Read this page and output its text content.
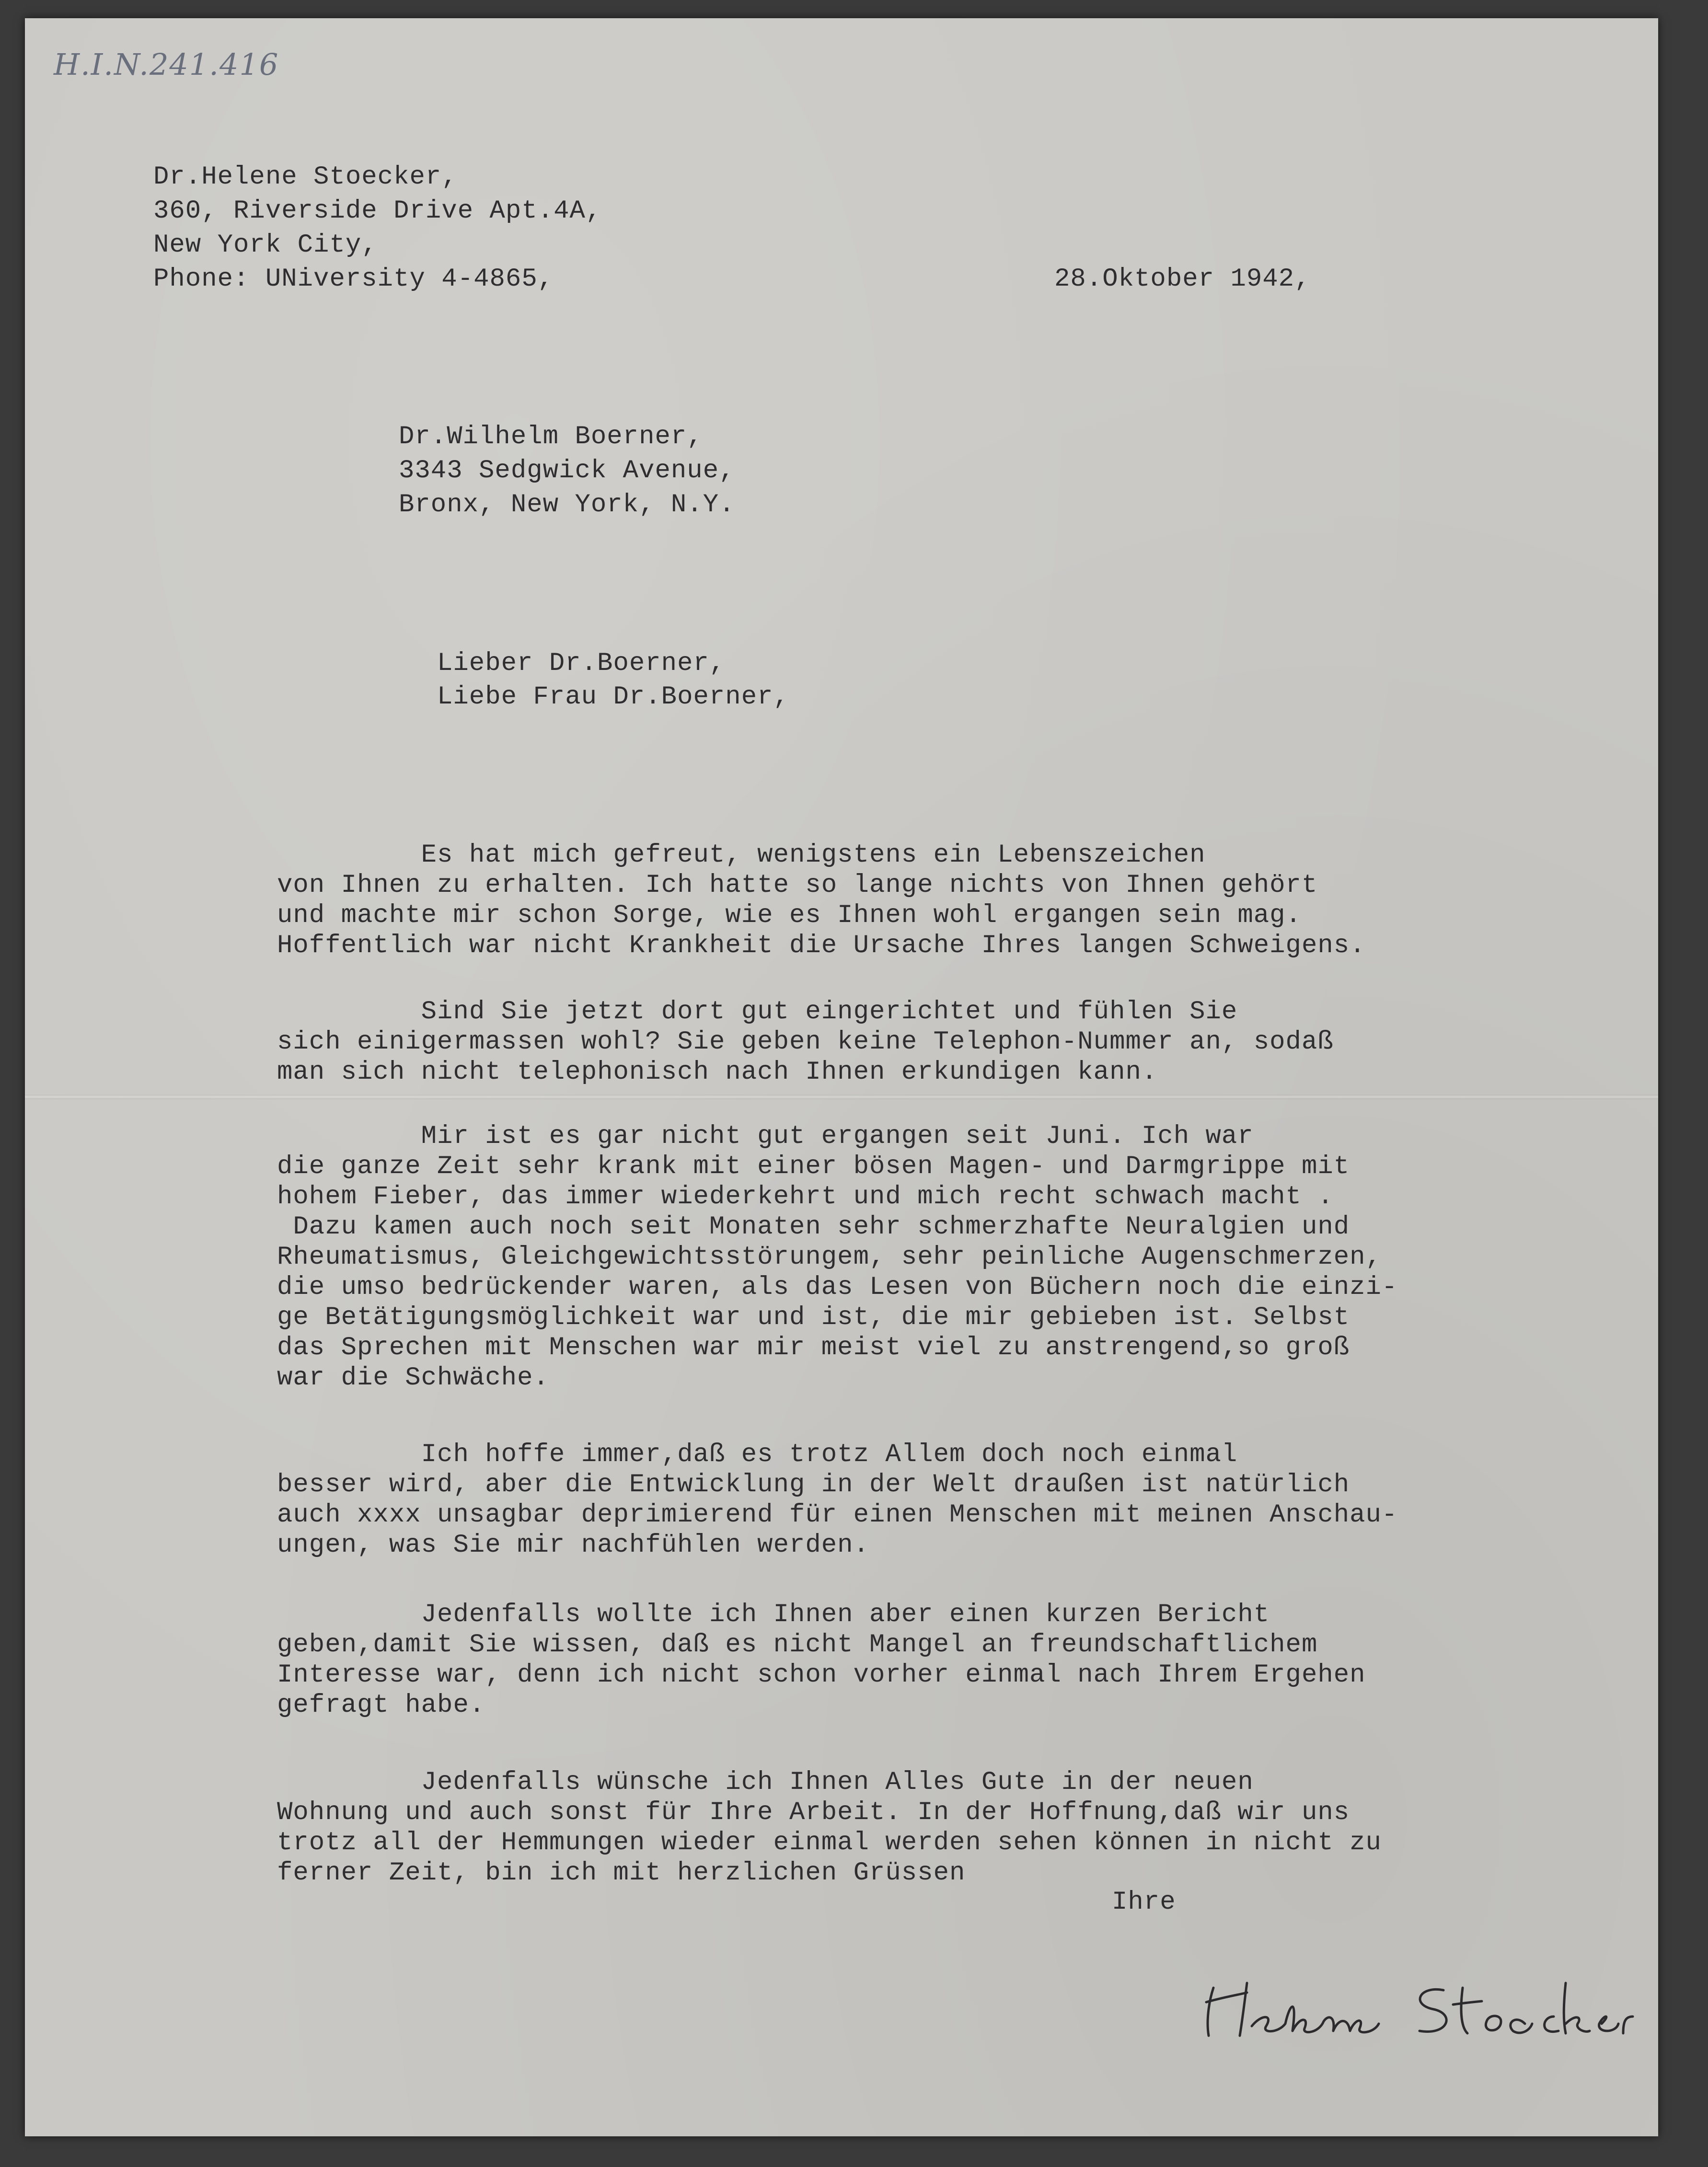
H.I.N.241.416
Dr.Helene Stoecker,
360, Riverside Drive Apt.4A,
New York City,
Phone: UNiversity 4-4865,	28.Oktober 1942,
Dr.Wilhelm Boerner,
3343 Sedgwick Avenue,
Bronx, New York, N.Y.
Lieber Dr.Boerner,
Liebe Frau Dr.Boerner,
Es hat mich gefreut, wenigstens ein Lebenszeichen
von Ihnen zu erhalten. Ich hatte so lange nichts von Ihnen gehört
und machte mir schon Sorge, wie es Ihnen wohl ergangen sein mag.
Hoffentlich war nicht Krankheit die Ursache Ihres langen Schweigens.
Sind Sie jetzt dort gut eingerichtet und fühlen Sie
sich einigermassen wohl? Sie geben keine Telephon-Nummer an, sodaß
man sich nicht telephonisch nach Ihnen erkundigen kann.
Mir ist es gar nicht gut ergangen seit Juni. Ich war
die ganze Zeit sehr krank mit einer bösen Magen- und Darmgrippe mit
hohem Fieber, das immer wiederkehrt und mich recht schwach macht .
Dazu kamen auch noch seit Monaten sehr schmerzhafte Neuralgien und
Rheumatismus, Gleichgewichtsstörungem, sehr peinliche Augenschmerzen,
die umso bedrückender waren, als das Lesen von Büchern noch die einzi-
ge Betätigungsmöglichkeit war und ist, die mir gebieben ist. Selbst
das Sprechen mit Menschen war mir meist viel zu anstrengend,so groß
war die Schwäche.
Ich hoffe immer,daß es trotz Allem doch noch einmal
besser wird, aber die Entwicklung in der Welt draußen ist natürlich
auch xxxx unsagbar deprimierend für einen Menschen mit meinen Anschau-
ungen, was Sie mir nachfühlen werden.
Jedenfalls wollte ich Ihnen aber einen kurzen Bericht
geben,damit Sie wissen, daß es nicht Mangel an freundschaftlichem
Interesse war, denn ich nicht schon vorher einmal nach Ihrem Ergehen
gefragt habe.
Jedenfalls wünsche ich Ihnen Alles Gute in der neuen
Wohnung und auch sonst für Ihre Arbeit. In der Hoffnung,daß wir uns
trotz all der Hemmungen wieder einmal werden sehen können in nicht zu
ferner Zeit, bin ich mit herzlichen Grüssen
Ihre
